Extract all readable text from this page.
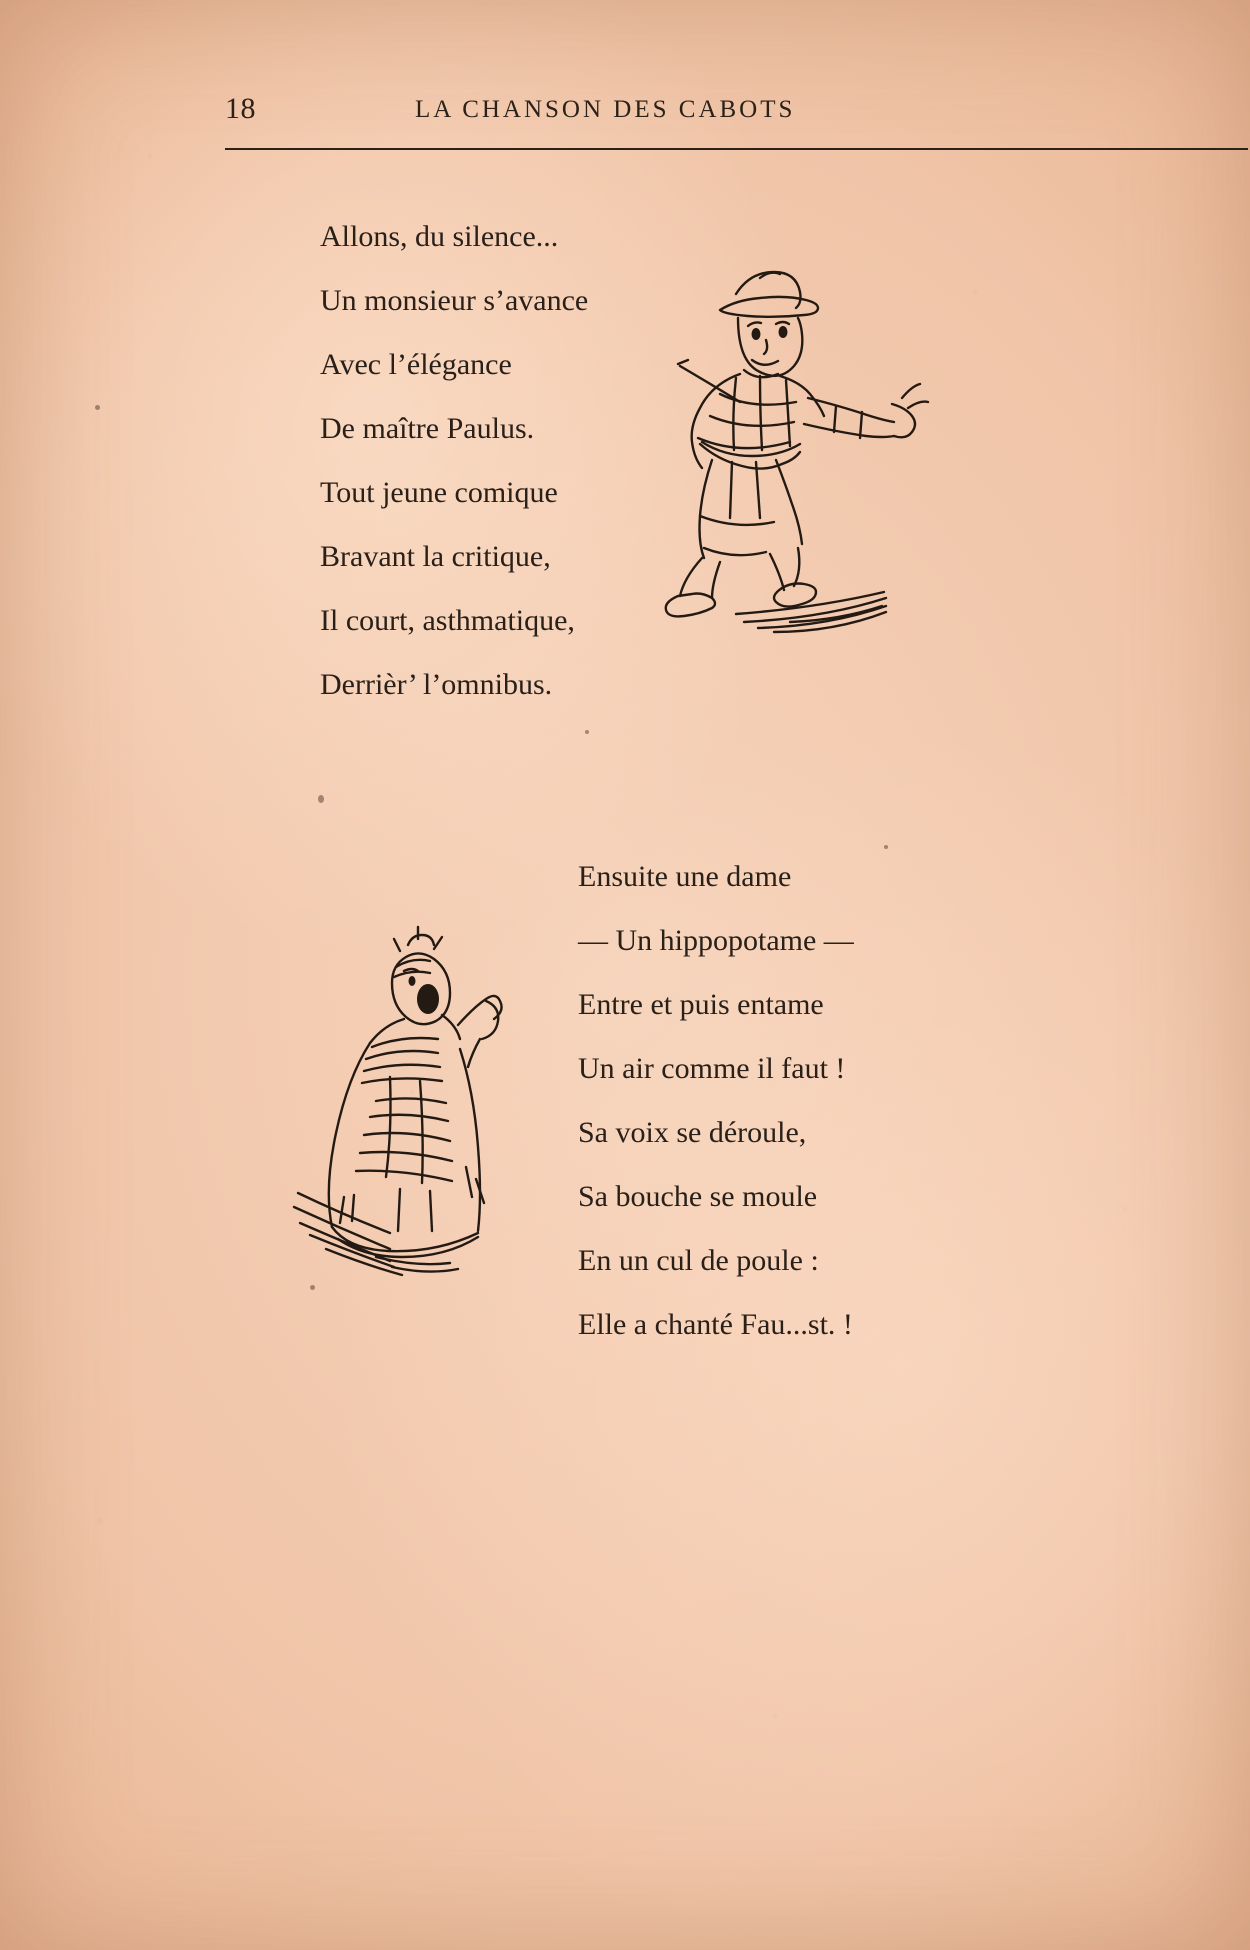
18	LA CHANSON DES CABOTS
Allons, du silence...
Un monsieur s’avance
Avec l’élégance
De maître Paulus.
Tout jeune comique
Bravant la critique,
Il court, asthmatique,
Derrièr’ l’omnibus.
Ensuite une dame
— Un hippopotame —
Entre et puis entame
Un air comme il faut !
Sa voix se déroule,
Sa bouche se moule
En un cul de poule :
Elle a chanté Fau...st. !
